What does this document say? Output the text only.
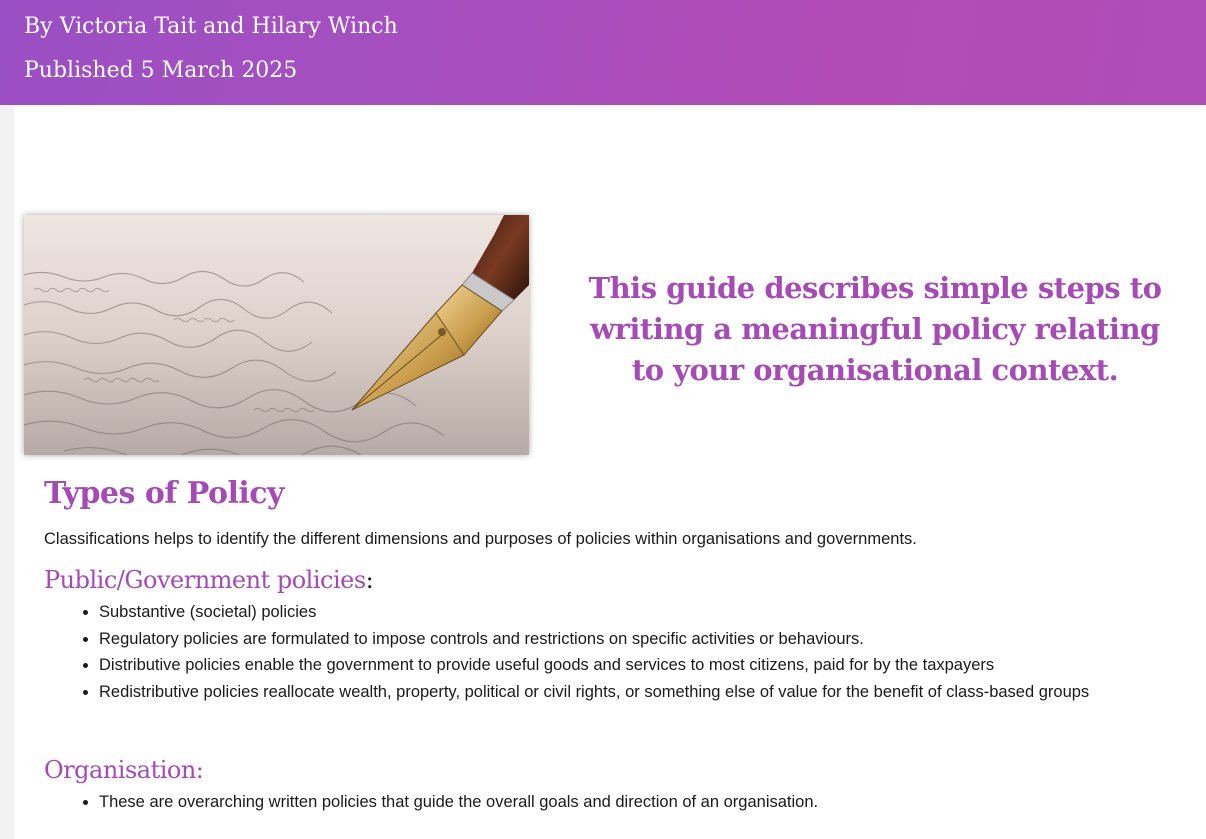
By Victoria Tait and Hilary Winch
Published 5 March 2025
This guide describes simple steps to writing a meaningful policy relating to your organisational context.
Types of Policy
Classifications helps to identify the different dimensions and purposes of policies within organisations and governments.
Public/Government policies:
• Substantive (societal) policies
• Regulatory policies are formulated to impose controls and restrictions on specific activities or behaviours.
• Distributive policies enable the government to provide useful goods and services to most citizens, paid for by the taxpayers
• Redistributive policies reallocate wealth, property, political or civil rights, or something else of value for the benefit of class-based groups
Organisation:
• These are overarching written policies that guide the overall goals and direction of an organisation.
